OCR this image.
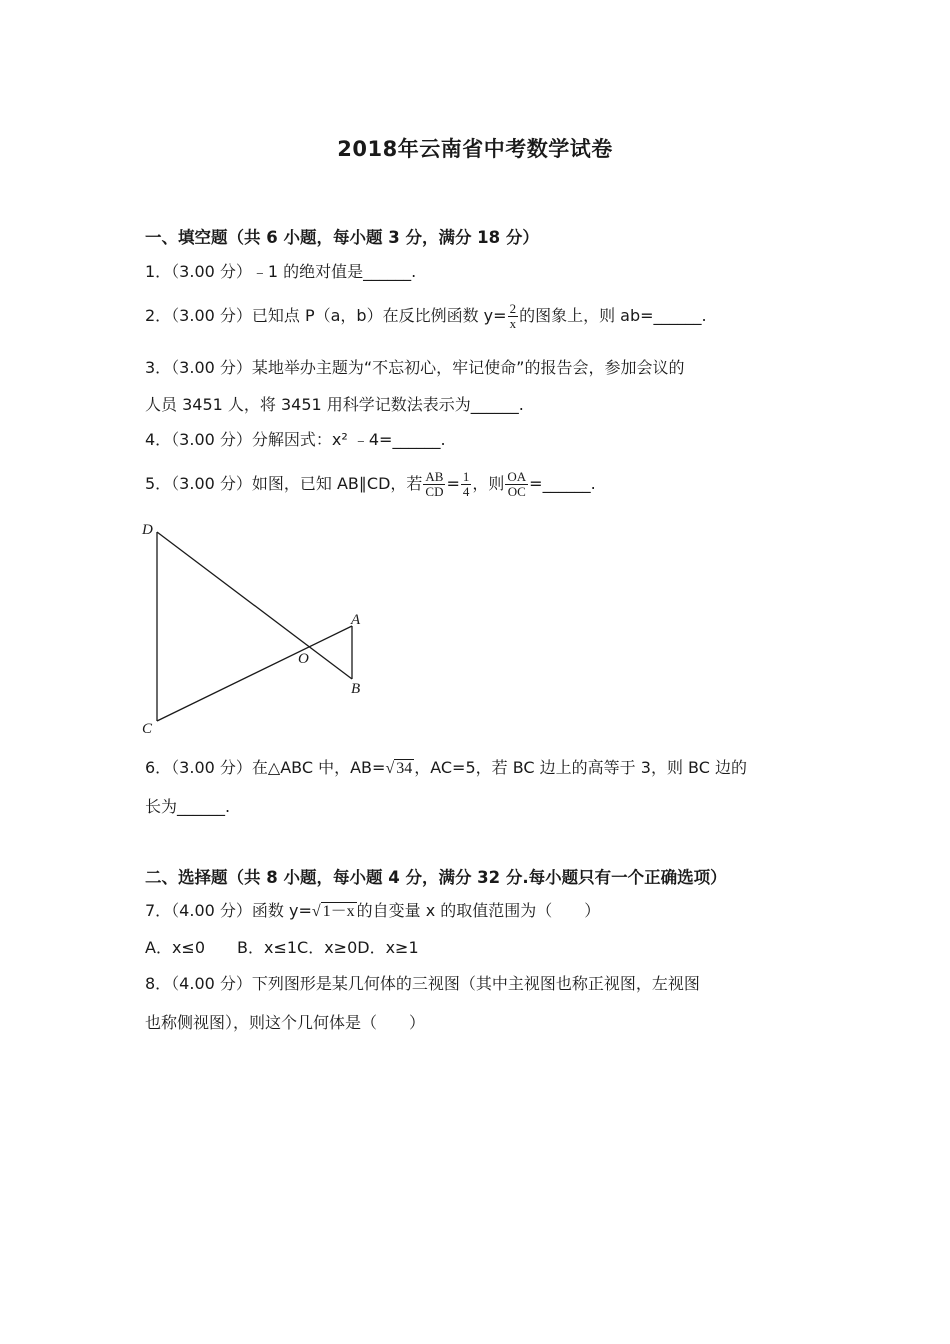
2018年云南省中考数学试卷
一、填空题（共 6 小题，每小题 3 分，满分 18 分）
1．（3.00 分）﹣1 的绝对值是______.
2．（3.00 分）已知点 P（a，b）在反比例函数 $y= \frac{2}{x}$ 的图象上，则 ab=______.
3．（3.00 分）某地举办主题为“不忘初心，牢记使命”的报告会，参加会议的
人员 3451 人，将 3451 用科学记数法表示为______.
4．（3.00 分）分解因式：x² ﹣4=______.
5．（3.00 分）如图，已知 AB∥CD，若 $\frac{AB}{CD} = \frac{1}{4}$ ，则 $\frac{OA}{OC}$ =______.
D
C
A
B
O
6．（3.00 分）在△ABC 中，AB=√ 34 ，AC=5，若 BC 边上的高等于 3，则 BC 边的
长为______.
二、选择题（共 8 小题，每小题 4 分，满分 32 分.每小题只有一个正确选项）
7．（4.00 分）函数 y=√ 1－x 的自变量 x 的取值范围为（　　）
A．x≤0　　B．x≤1C．x≥0D．x≥1
8．（4.00 分）下列图形是某几何体的三视图（其中主视图也称正视图，左视图
也称侧视图），则这个几何体是（　　）
